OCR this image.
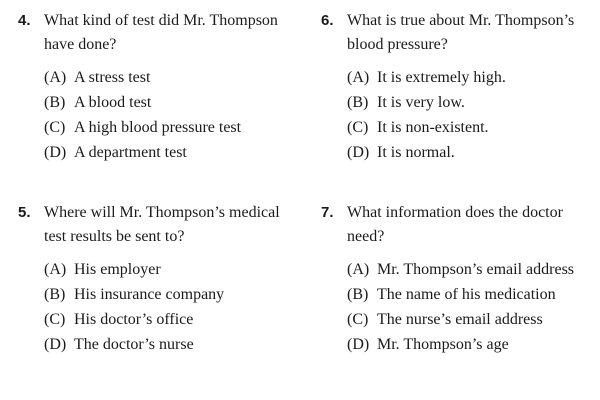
4. What kind of test did Mr. Thompson have done?
(A) A stress test
(B) A blood test
(C) A high blood pressure test
(D) A department test
6. What is true about Mr. Thompson’s blood pressure?
(A) It is extremely high.
(B) It is very low.
(C) It is non-existent.
(D) It is normal.
5. Where will Mr. Thompson’s medical test results be sent to?
(A) His employer
(B) His insurance company
(C) His doctor’s office
(D) The doctor’s nurse
7. What information does the doctor need?
(A) Mr. Thompson’s email address
(B) The name of his medication
(C) The nurse’s email address
(D) Mr. Thompson’s age
